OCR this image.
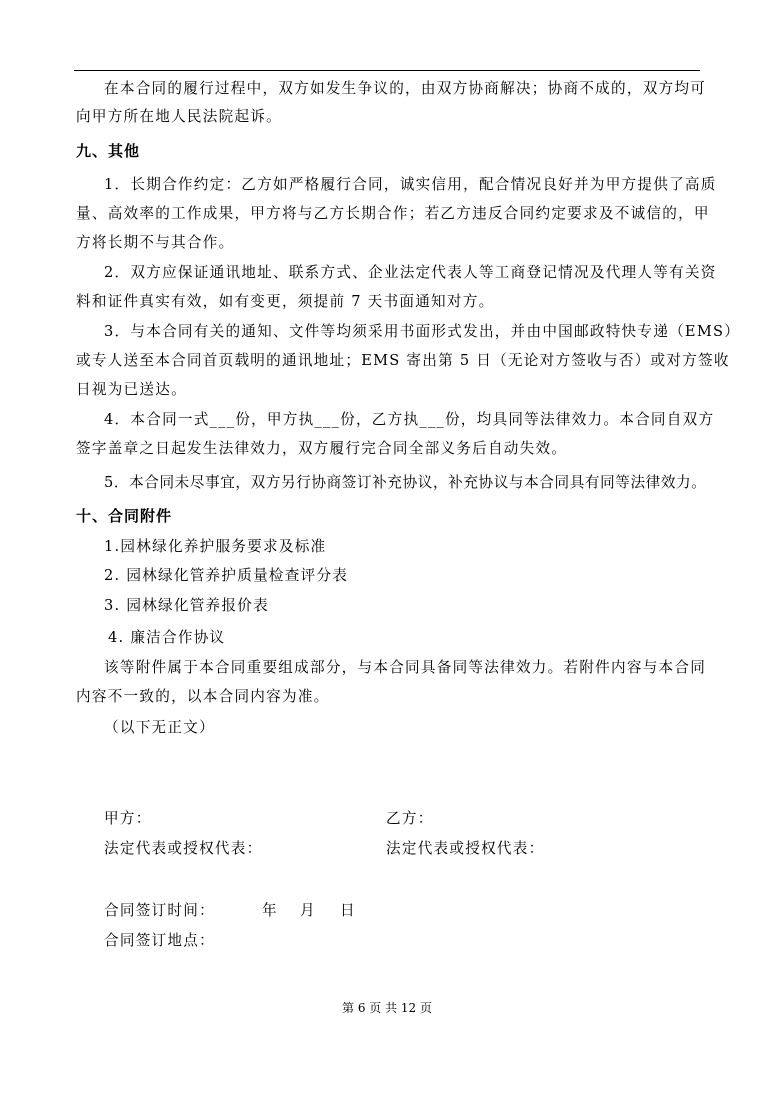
在本合同的履行过程中，双方如发生争议的，由双方协商解决；协商不成的，双方均可
向甲方所在地人民法院起诉。
九、其他
1．长期合作约定：乙方如严格履行合同，诚实信用，配合情况良好并为甲方提供了高质
量、高效率的工作成果，甲方将与乙方长期合作；若乙方违反合同约定要求及不诚信的，甲
方将长期不与其合作。
2．双方应保证通讯地址、联系方式、企业法定代表人等工商登记情况及代理人等有关资
料和证件真实有效，如有变更，须提前 7 天书面通知对方。
3．与本合同有关的通知、文件等均须采用书面形式发出，并由中国邮政特快专递（EMS）
或专人送至本合同首页载明的通讯地址；EMS 寄出第 5 日（无论对方签收与否）或对方签收
日视为已送达。
4．本合同一式___份，甲方执___份，乙方执___份，均具同等法律效力。本合同自双方
签字盖章之日起发生法律效力，双方履行完合同全部义务后自动失效。
5．本合同未尽事宜，双方另行协商签订补充协议，补充协议与本合同具有同等法律效力。
十、合同附件
1.园林绿化养护服务要求及标准
2. 园林绿化管养护质量检查评分表
3. 园林绿化管养报价表
4. 廉洁合作协议
该等附件属于本合同重要组成部分，与本合同具备同等法律效力。若附件内容与本合同
内容不一致的，以本合同内容为准。
（以下无正文）
甲方：	乙方：
法定代表或授权代表：	法定代表或授权代表：
合同签订时间：	年 月 日
合同签订地点：
第 6 页 共 12 页
